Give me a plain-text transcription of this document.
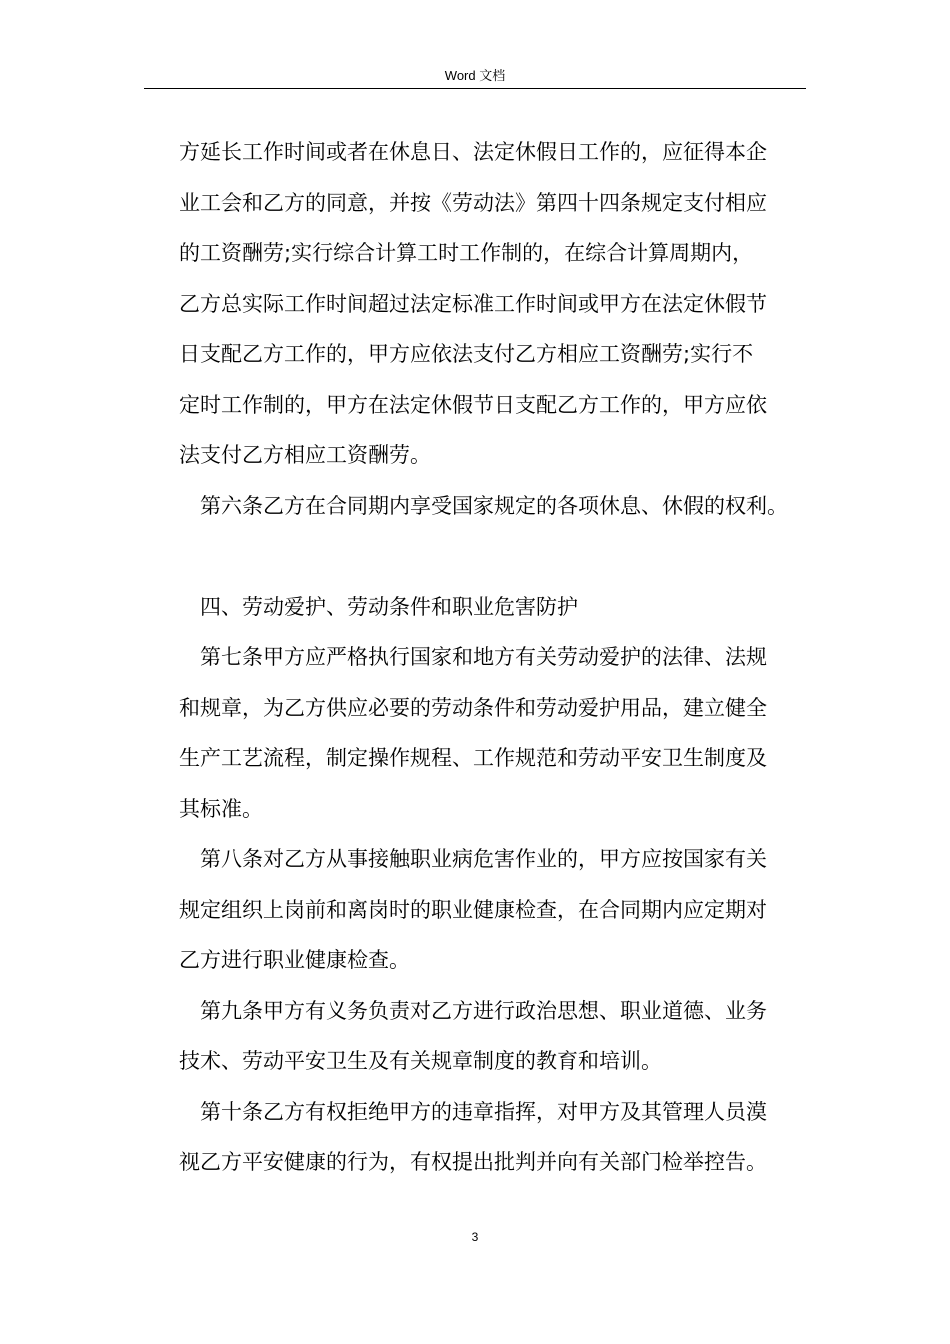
Word 文档
方延长工作时间或者在休息日、法定休假日工作的，应征得本企
业工会和乙方的同意，并按《劳动法》第四十四条规定支付相应
的工资酬劳;实行综合计算工时工作制的，在综合计算周期内，
乙方总实际工作时间超过法定标准工作时间或甲方在法定休假节
日支配乙方工作的，甲方应依法支付乙方相应工资酬劳;实行不
定时工作制的，甲方在法定休假节日支配乙方工作的，甲方应依
法支付乙方相应工资酬劳。
第六条乙方在合同期内享受国家规定的各项休息、休假的权利。
四、劳动爱护、劳动条件和职业危害防护
第七条甲方应严格执行国家和地方有关劳动爱护的法律、法规
和规章，为乙方供应必要的劳动条件和劳动爱护用品，建立健全
生产工艺流程，制定操作规程、工作规范和劳动平安卫生制度及
其标准。
第八条对乙方从事接触职业病危害作业的，甲方应按国家有关
规定组织上岗前和离岗时的职业健康检查，在合同期内应定期对
乙方进行职业健康检查。
第九条甲方有义务负责对乙方进行政治思想、职业道德、业务
技术、劳动平安卫生及有关规章制度的教育和培训。
第十条乙方有权拒绝甲方的违章指挥，对甲方及其管理人员漠
视乙方平安健康的行为，有权提出批判并向有关部门检举控告。
3
